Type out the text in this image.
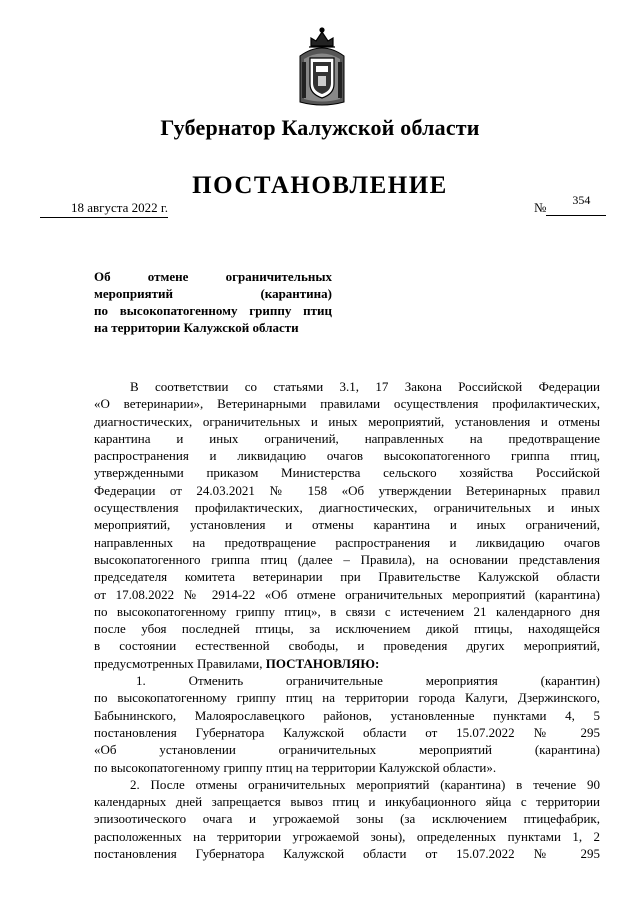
Губернатор Калужской области
ПОСТАНОВЛЕНИЕ
18 августа 2022 г.	№ 354
Об отмене ограничительных
мероприятий (карантина)
по высокопатогенному гриппу птиц
на территории Калужской области
В соответствии со статьями 3.1, 17 Закона Российской Федерации
«О ветеринарии», Ветеринарными правилами осуществления профилактических,
диагностических, ограничительных и иных мероприятий, установления и отмены
карантина и иных ограничений, направленных на предотвращение
распространения и ликвидацию очагов высокопатогенного гриппа птиц,
утвержденными приказом Министерства сельского хозяйства Российской
Федерации от 24.03.2021 № 158 «Об утверждении Ветеринарных правил
осуществления профилактических, диагностических, ограничительных и иных
мероприятий, установления и отмены карантина и иных ограничений,
направленных на предотвращение распространения и ликвидацию очагов
высокопатогенного гриппа птиц (далее – Правила), на основании представления
председателя комитета ветеринарии при Правительстве Калужской области
от 17.08.2022 № 2914-22 «Об отмене ограничительных мероприятий (карантина)
по высокопатогенному гриппу птиц», в связи с истечением 21 календарного дня
после убоя последней птицы, за исключением дикой птицы, находящейся
в состоянии естественной свободы, и проведения других мероприятий,
предусмотренных Правилами, ПОСТАНОВЛЯЮ:
1. Отменить ограничительные мероприятия (карантин)
по высокопатогенному гриппу птиц на территории города Калуги, Дзержинского,
Бабынинского, Малоярославецкого районов, установленные пунктами 4, 5
постановления Губернатора Калужской области от 15.07.2022 № 295
«Об установлении ограничительных мероприятий (карантина)
по высокопатогенному гриппу птиц на территории Калужской области».
2. После отмены ограничительных мероприятий (карантина) в течение 90
календарных дней запрещается вывоз птиц и инкубационного яйца с территории
эпизоотического очага и угрожаемой зоны (за исключением птицефабрик,
расположенных на территории угрожаемой зоны), определенных пунктами 1, 2
постановления Губернатора Калужской области от 15.07.2022 № 295
